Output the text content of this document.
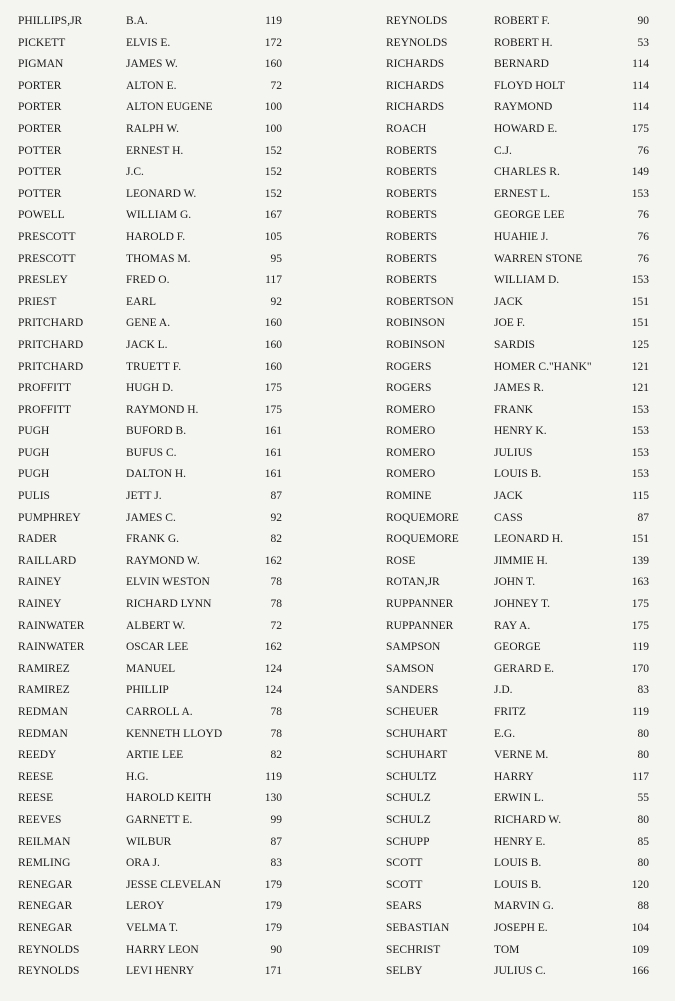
PHILLIPS,JR	B.A.	119
PICKETT	ELVIS E.	172
PIGMAN	JAMES W.	160
PORTER	ALTON E.	72
PORTER	ALTON EUGENE	100
PORTER	RALPH W.	100
POTTER	ERNEST H.	152
POTTER	J.C.	152
POTTER	LEONARD W.	152
POWELL	WILLIAM G.	167
PRESCOTT	HAROLD F.	105
PRESCOTT	THOMAS M.	95
PRESLEY	FRED O.	117
PRIEST	EARL	92
PRITCHARD	GENE A.	160
PRITCHARD	JACK L.	160
PRITCHARD	TRUETT F.	160
PROFFITT	HUGH D.	175
PROFFITT	RAYMOND H.	175
PUGH	BUFORD B.	161
PUGH	BUFUS C.	161
PUGH	DALTON H.	161
PULIS	JETT J.	87
PUMPHREY	JAMES C.	92
RADER	FRANK G.	82
RAILLARD	RAYMOND W.	162
RAINEY	ELVIN WESTON	78
RAINEY	RICHARD LYNN	78
RAINWATER	ALBERT W.	72
RAINWATER	OSCAR LEE	162
RAMIREZ	MANUEL	124
RAMIREZ	PHILLIP	124
REDMAN	CARROLL A.	78
REDMAN	KENNETH LLOYD	78
REEDY	ARTIE LEE	82
REESE	H.G.	119
REESE	HAROLD KEITH	130
REEVES	GARNETT E.	99
REILMAN	WILBUR	87
REMLING	ORA J.	83
RENEGAR	JESSE CLEVELAN	179
RENEGAR	LEROY	179
RENEGAR	VELMA T.	179
REYNOLDS	HARRY LEON	90
REYNOLDS	LEVI HENRY	171
REYNOLDS	ROBERT F.	90
REYNOLDS	ROBERT H.	53
RICHARDS	BERNARD	114
RICHARDS	FLOYD HOLT	114
RICHARDS	RAYMOND	114
ROACH	HOWARD E.	175
ROBERTS	C.J.	76
ROBERTS	CHARLES R.	149
ROBERTS	ERNEST L.	153
ROBERTS	GEORGE LEE	76
ROBERTS	HUAHIE J.	76
ROBERTS	WARREN STONE	76
ROBERTS	WILLIAM D.	153
ROBERTSON	JACK	151
ROBINSON	JOE F.	151
ROBINSON	SARDIS	125
ROGERS	HOMER C."HANK"	121
ROGERS	JAMES R.	121
ROMERO	FRANK	153
ROMERO	HENRY K.	153
ROMERO	JULIUS	153
ROMERO	LOUIS B.	153
ROMINE	JACK	115
ROQUEMORE	CASS	87
ROQUEMORE	LEONARD H.	151
ROSE	JIMMIE H.	139
ROTAN,JR	JOHN T.	163
RUPPANNER	JOHNEY T.	175
RUPPANNER	RAY A.	175
SAMPSON	GEORGE	119
SAMSON	GERARD E.	170
SANDERS	J.D.	83
SCHEUER	FRITZ	119
SCHUHART	E.G.	80
SCHUHART	VERNE M.	80
SCHULTZ	HARRY	117
SCHULZ	ERWIN L.	55
SCHULZ	RICHARD W.	80
SCHUPP	HENRY E.	85
SCOTT	LOUIS B.	80
SCOTT	LOUIS B.	120
SEARS	MARVIN G.	88
SEBASTIAN	JOSEPH E.	104
SECHRIST	TOM	109
SELBY	JULIUS C.	166
